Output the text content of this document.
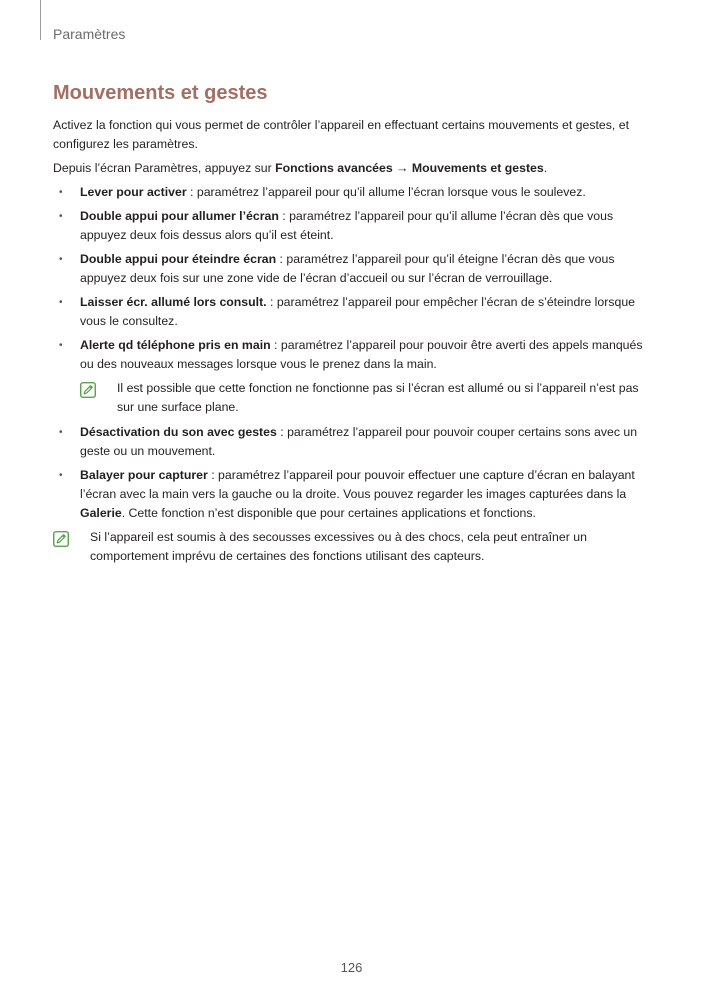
Paramètres
Mouvements et gestes

Activez la fonction qui vous permet de contrôler l’appareil en effectuant certains mouvements et gestes, et configurez les paramètres.

Depuis l’écran Paramètres, appuyez sur Fonctions avancées → Mouvements et gestes.

• Lever pour activer : paramétrez l’appareil pour qu’il allume l’écran lorsque vous le soulevez.
• Double appui pour allumer l’écran : paramétrez l’appareil pour qu’il allume l’écran dès que vous appuyez deux fois dessus alors qu’il est éteint.
• Double appui pour éteindre écran : paramétrez l’appareil pour qu’il éteigne l’écran dès que vous appuyez deux fois sur une zone vide de l’écran d’accueil ou sur l’écran de verrouillage.
• Laisser écr. allumé lors consult. : paramétrez l’appareil pour empêcher l’écran de s’éteindre lorsque vous le consultez.
• Alerte qd téléphone pris en main : paramétrez l’appareil pour pouvoir être averti des appels manqués ou des nouveaux messages lorsque vous le prenez dans la main.
Il est possible que cette fonction ne fonctionne pas si l’écran est allumé ou si l’appareil n’est pas sur une surface plane.
• Désactivation du son avec gestes : paramétrez l’appareil pour pouvoir couper certains sons avec un geste ou un mouvement.
• Balayer pour capturer : paramétrez l’appareil pour pouvoir effectuer une capture d’écran en balayant l’écran avec la main vers la gauche ou la droite. Vous pouvez regarder les images capturées dans la Galerie. Cette fonction n’est disponible que pour certaines applications et fonctions.
Si l’appareil est soumis à des secousses excessives ou à des chocs, cela peut entraîner un comportement imprévu de certaines des fonctions utilisant des capteurs.
126
